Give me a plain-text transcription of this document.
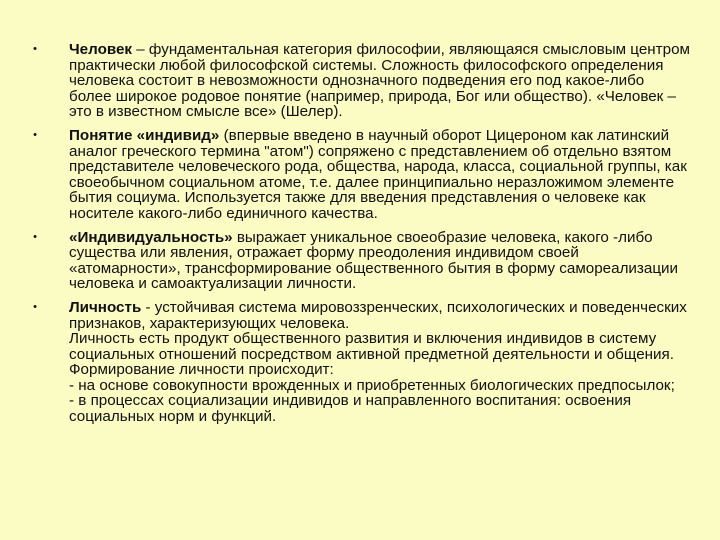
• Человек – фундаментальная категория философии, являющаяся смысловым центром практически любой философской системы. Сложность философского определения человека состоит в невозможности однозначного подведения его под какое-либо более широкое родовое понятие (например, природа, Бог или общество). «Человек – это в известном смысле все» (Шелер).
• Понятие «индивид» (впервые введено в научный оборот Цицероном как латинский аналог греческого термина "атом") сопряжено с представлением об отдельно взятом представителе человеческого рода, общества, народа, класса, социальной группы, как своеобычном социальном атоме, т.е. далее принципиально неразложимом элементе бытия социума. Используется также для введения представления о человеке как носителе какого-либо единичного качества.
• «Индивидуальность» выражает уникальное своеобразие человека, какого -либо существа или явления, отражает форму преодоления индивидом своей «атомарности», трансформирование общественного бытия в форму самореализации человека и самоактуализации личности.
• Личность - устойчивая система мировоззренческих, психологических и поведенческих признаков, характеризующих человека.
Личность есть продукт общественного развития и включения индивидов в систему социальных отношений посредством активной предметной деятельности и общения.
Формирование личности происходит:
- на основе совокупности врожденных и приобретенных биологических предпосылок;
- в процессах социализации индивидов и направленного воспитания: освоения социальных норм и функций.
